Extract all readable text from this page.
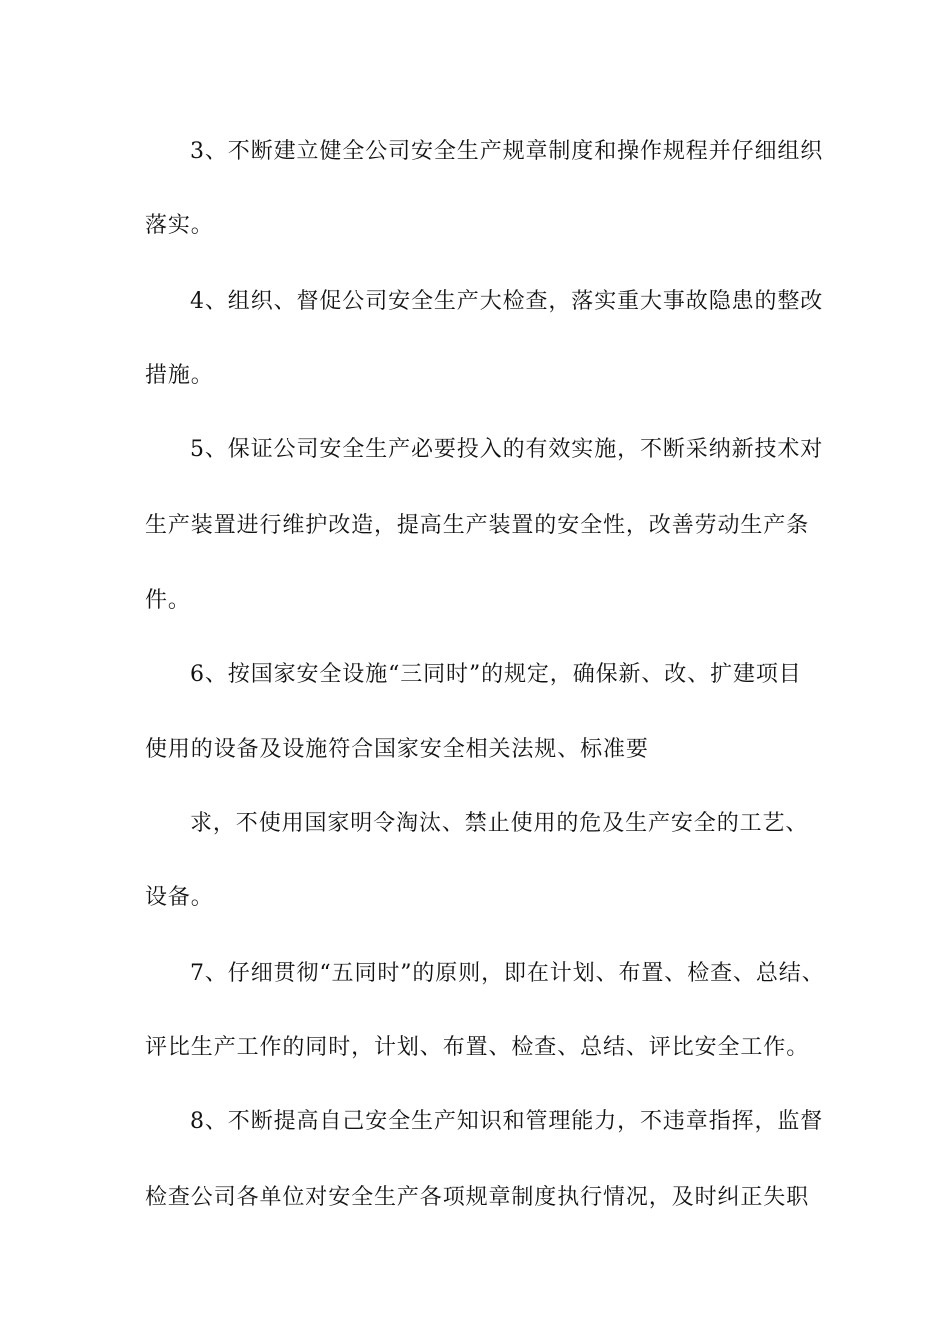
3、不断建立健全公司安全生产规章制度和操作规程并仔细组织
落实。
4、组织、督促公司安全生产大检查，落实重大事故隐患的整改
措施。
5、保证公司安全生产必要投入的有效实施，不断采纳新技术对
生产装置进行维护改造，提高生产装置的安全性，改善劳动生产条
件。
6、按国家安全设施“三同时”的规定，确保新、改、扩建项目
使用的设备及设施符合国家安全相关法规、标准要
求，不使用国家明令淘汰、禁止使用的危及生产安全的工艺、
设备。
7、仔细贯彻“五同时”的原则，即在计划、布置、检查、总结、
评比生产工作的同时，计划、布置、检查、总结、评比安全工作。
8、不断提高自己安全生产知识和管理能力，不违章指挥，监督
检查公司各单位对安全生产各项规章制度执行情况，及时纠正失职
